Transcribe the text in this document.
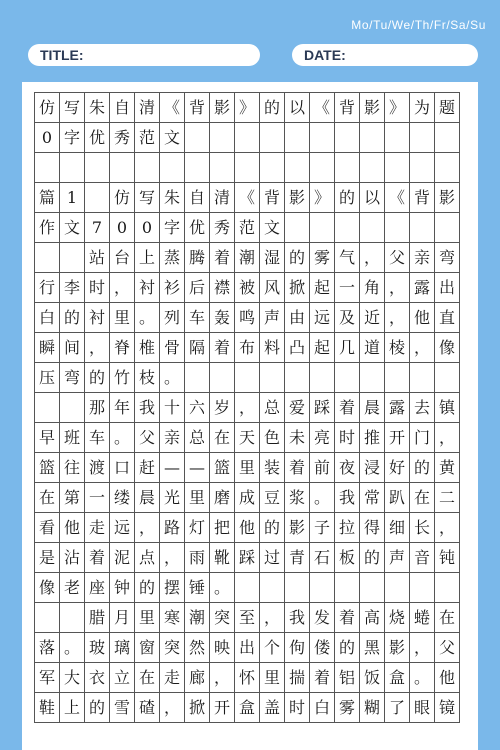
Mo/Tu/We/Th/Fr/Sa/Su
TITLE:	DATE:
仿 写 朱 自 清 《 背 影 》 的 以 《 背 影 》 为 题
0 字 优 秀 范 文
篇 1	仿 写 朱 自 清 《 背 影 》 的 以 《 背 影
作 文 7 0 0 字 优 秀 范 文
站 台 上 蒸 腾 着 潮 湿 的 雾 气 ， 父 亲 弯
行 李 时 ， 衬 衫 后 襟 被 风 掀 起 一 角 ， 露 出
白 的 衬 里 。 列 车 轰 鸣 声 由 远 及 近 ， 他 直
瞬 间 ， 脊 椎 骨 隔 着 布 料 凸 起 几 道 棱 ， 像
压 弯 的 竹 枝 。
那 年 我 十 六 岁 ， 总 爱 踩 着 晨 露 去 镇
早 班 车 。 父 亲 总 在 天 色 未 亮 时 推 开 门 ，
篮 往 渡 口 赶 — — 篮 里 装 着 前 夜 浸 好 的 黄
在 第 一 缕 晨 光 里 磨 成 豆 浆 。 我 常 趴 在 二
看 他 走 远 ， 路 灯 把 他 的 影 子 拉 得 细 长 ，
是 沾 着 泥 点 ， 雨 靴 踩 过 青 石 板 的 声 音 钝
像 老 座 钟 的 摆 锤 。
腊 月 里 寒 潮 突 至 ， 我 发 着 高 烧 蜷 在
落 。 玻 璃 窗 突 然 映 出 个 佝 偻 的 黑 影 ， 父
军 大 衣 立 在 走 廊 ， 怀 里 揣 着 铝 饭 盒 。 他
鞋 上 的 雪 碴 ， 掀 开 盒 盖 时 白 雾 糊 了 眼 镜
